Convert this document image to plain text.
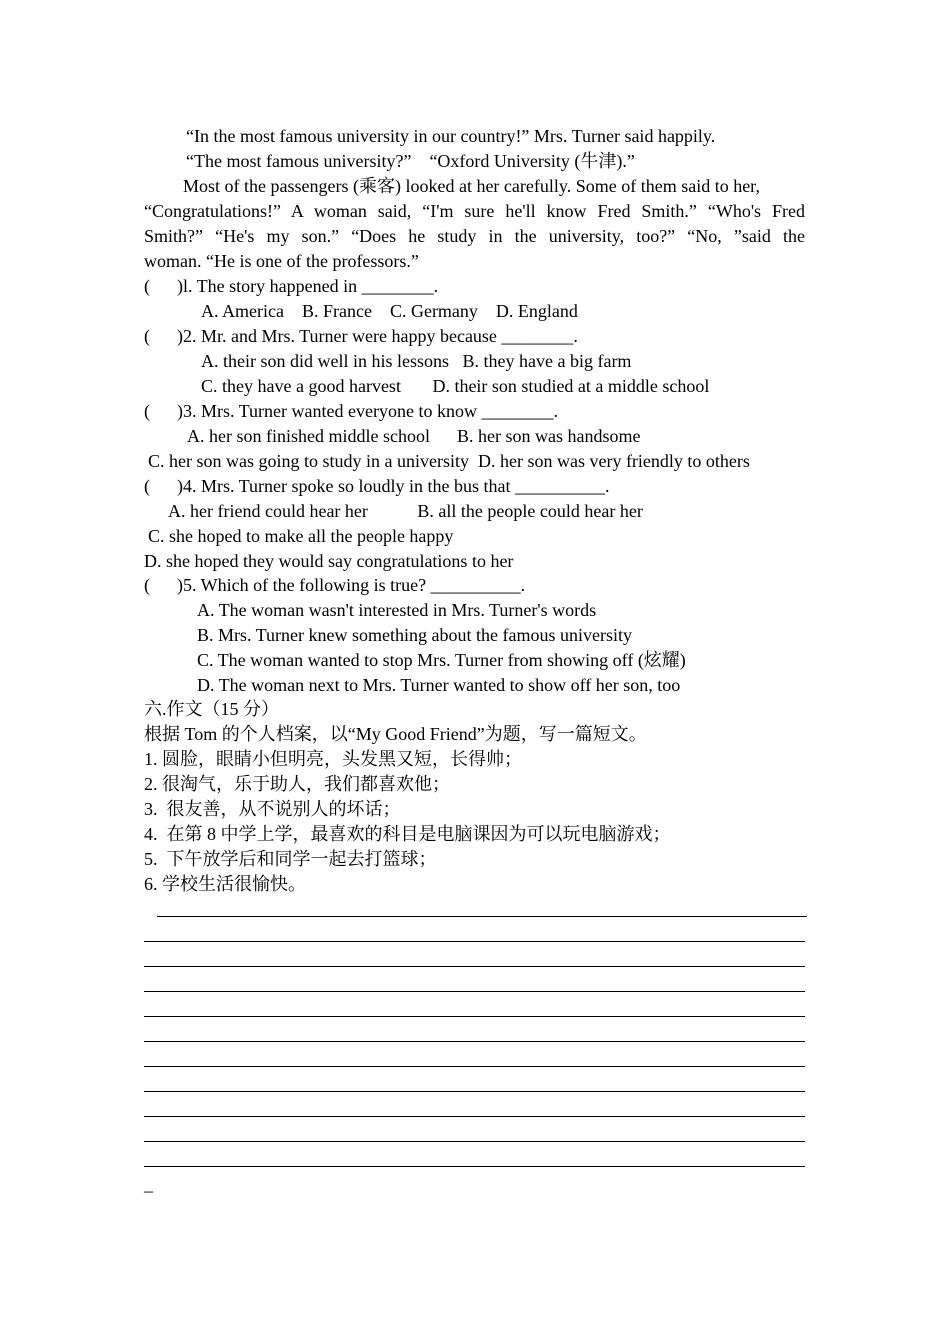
“In the most famous university in our country!” Mrs. Turner said happily.
“The most famous university?”    “Oxford University (牛津).”
Most of the passengers (乘客) looked at her carefully. Some of them said to her,
“Congratulations!” A woman said, “I'm sure he'll know Fred Smith.” “Who's Fred
Smith?” “He's my son.” “Does he study in the university, too?” “No, ”said the
woman. “He is one of the professors.”
(      )l. The story happened in ________.
A. America    B. France    C. Germany    D. England
(      )2. Mr. and Mrs. Turner were happy because ________.
A. their son did well in his lessons   B. they have a big farm
C. they have a good harvest       D. their son studied at a middle school
(      )3. Mrs. Turner wanted everyone to know ________.
A. her son finished middle school      B. her son was handsome
C. her son was going to study in a university  D. her son was very friendly to others
(      )4. Mrs. Turner spoke so loudly in the bus that __________.
A. her friend could hear her           B. all the people could hear her
C. she hoped to make all the people happy
D. she hoped they would say congratulations to her
(      )5. Which of the following is true? __________.
A. The woman wasn't interested in Mrs. Turner's words
B. Mrs. Turner knew something about the famous university
C. The woman wanted to stop Mrs. Turner from showing off (炫耀)
D. The woman next to Mrs. Turner wanted to show off her son, too
六.作文（15 分）
根据 Tom 的个人档案，以“My Good Friend”为题，写一篇短文。
1. 圆脸，眼睛小但明亮，头发黑又短，长得帅；
2. 很淘气，乐于助人，我们都喜欢他；
3.  很友善，从不说别人的坏话；
4.  在第 8 中学上学，最喜欢的科目是电脑课因为可以玩电脑游戏；
5.  下午放学后和同学一起去打篮球；
6. 学校生活很愉快。
_
